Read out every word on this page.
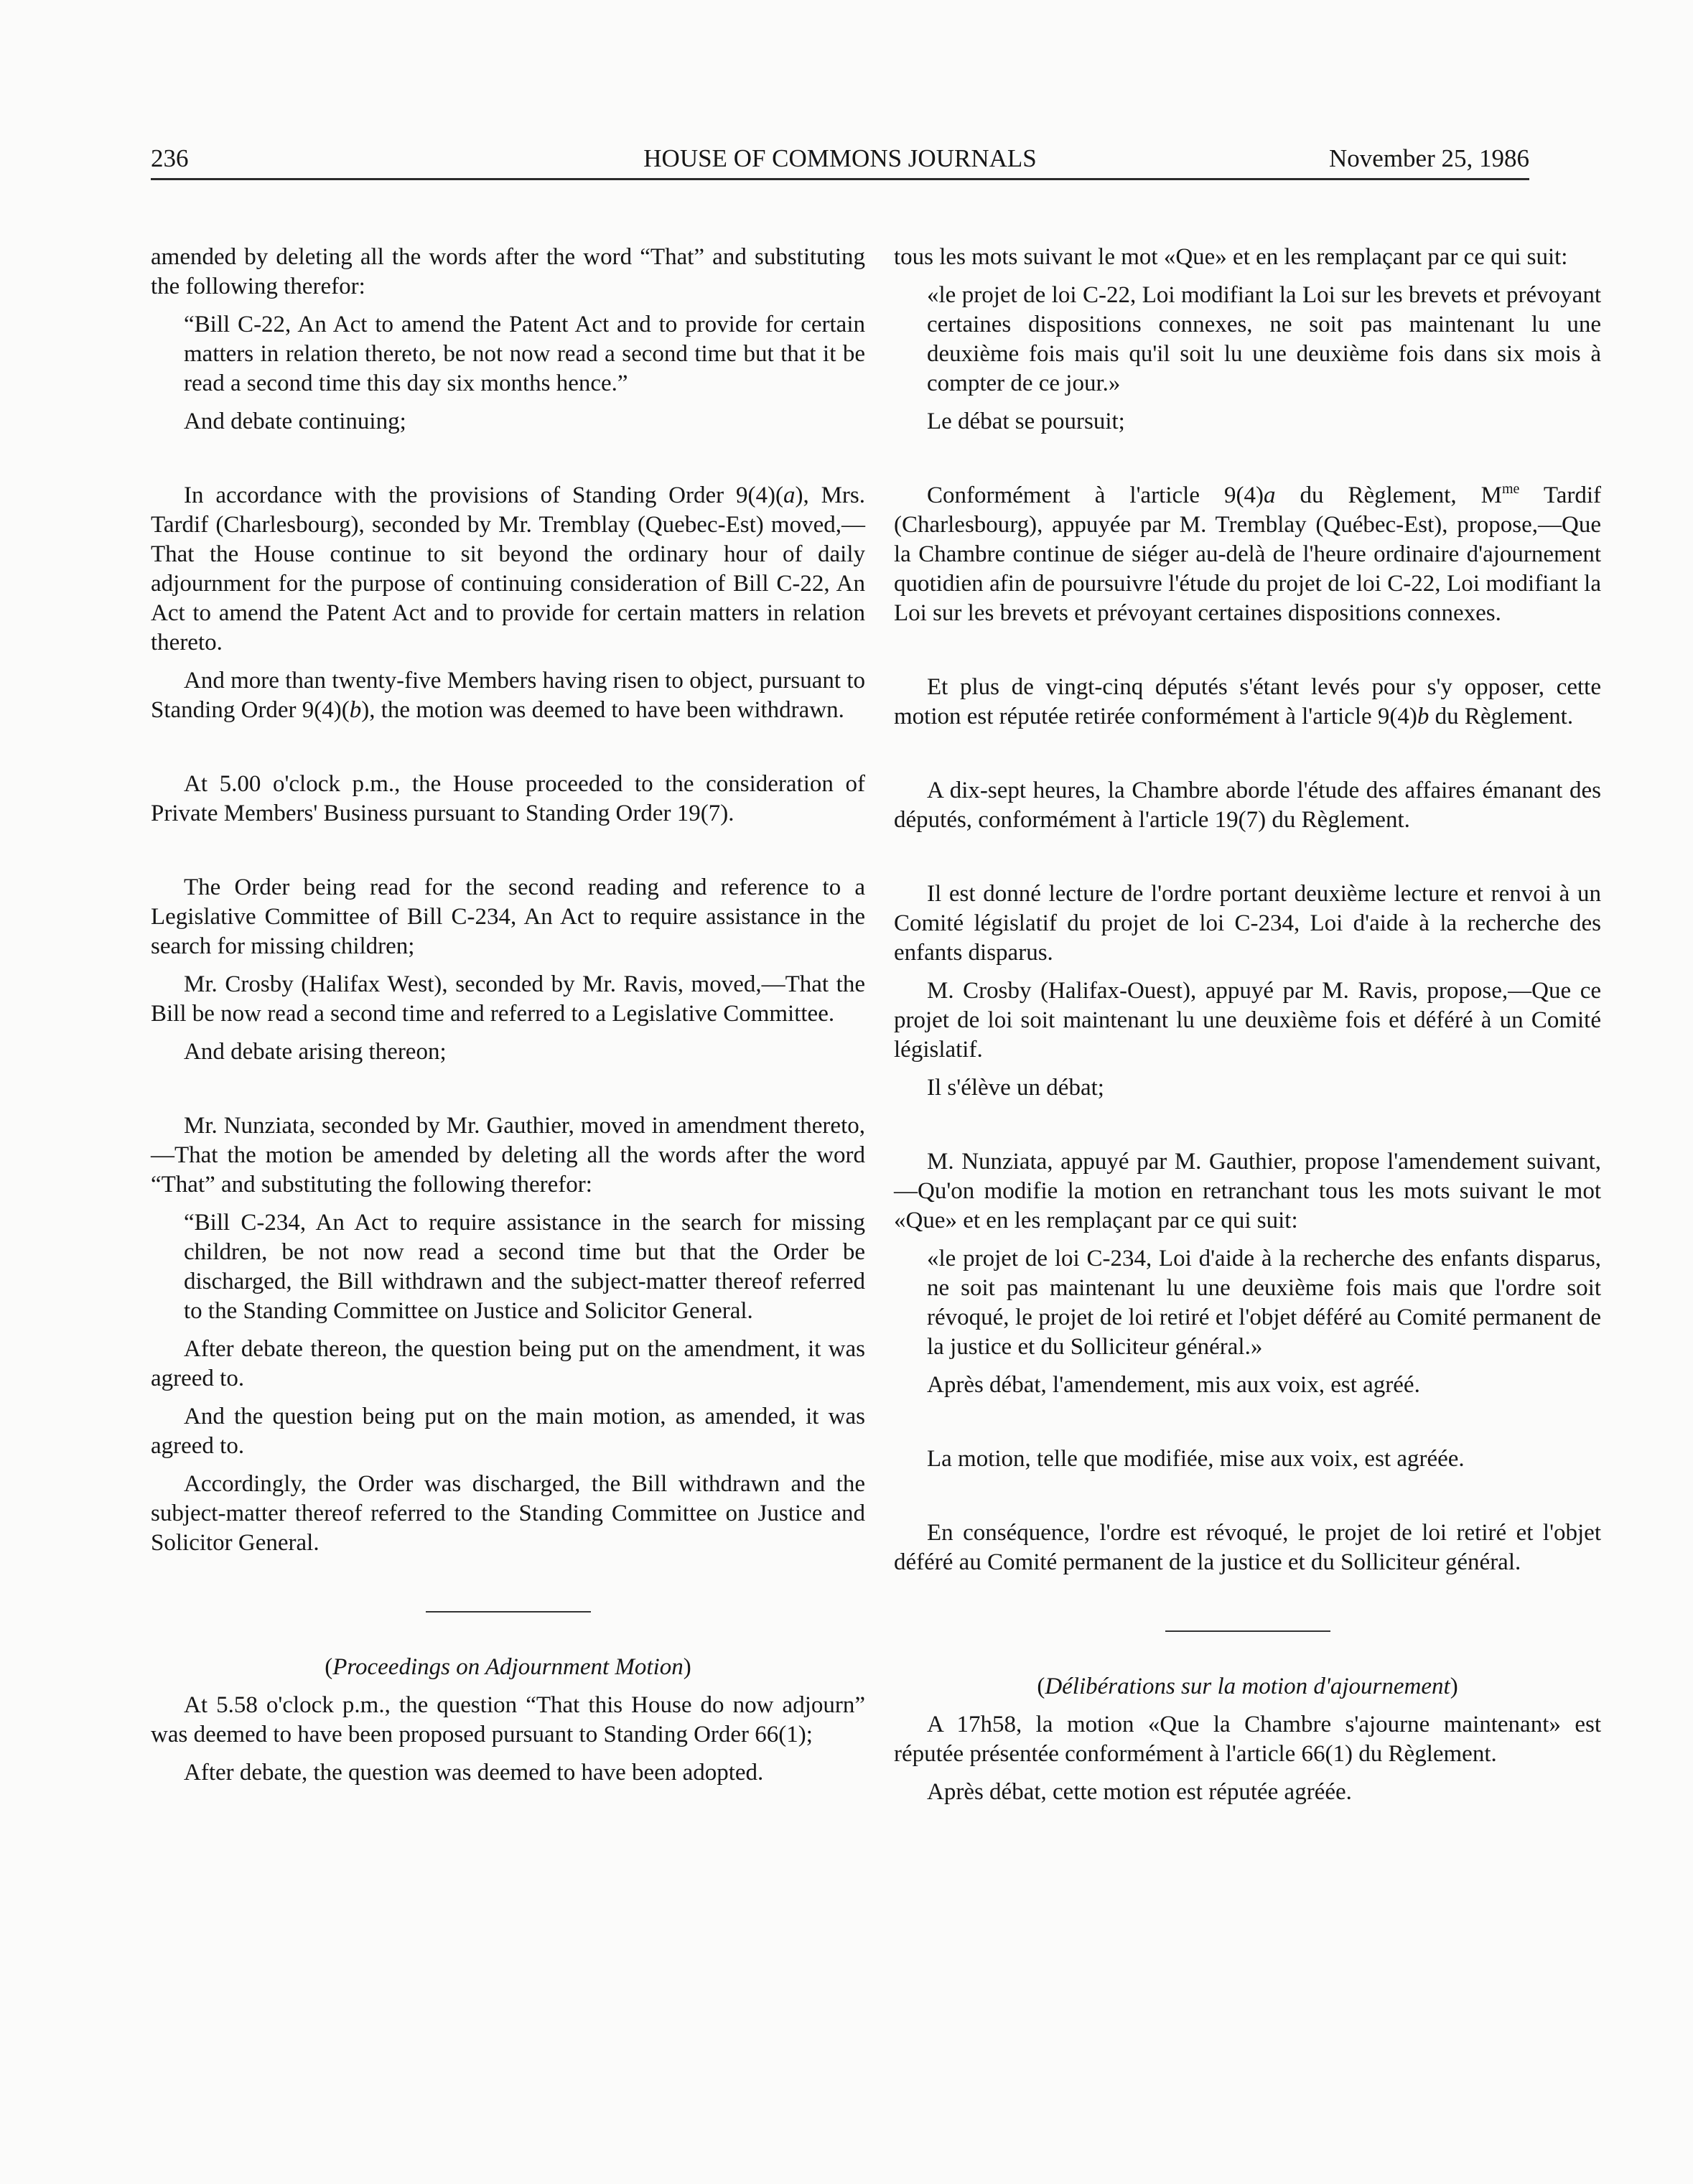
236	HOUSE OF COMMONS JOURNALS	November 25, 1986

amended by deleting all the words after the word “That” and substituting the following therefor:

“Bill C-22, An Act to amend the Patent Act and to provide for certain matters in relation thereto, be not now read a second time but that it be read a second time this day six months hence.”

And debate continuing;

In accordance with the provisions of Standing Order 9(4)(a), Mrs. Tardif (Charlesbourg), seconded by Mr. Tremblay (Quebec-Est) moved,—That the House continue to sit beyond the ordinary hour of daily adjournment for the purpose of continuing consideration of Bill C-22, An Act to amend the Patent Act and to provide for certain matters in relation thereto.

And more than twenty-five Members having risen to object, pursuant to Standing Order 9(4)(b), the motion was deemed to have been withdrawn.

At 5.00 o'clock p.m., the House proceeded to the consideration of Private Members' Business pursuant to Standing Order 19(7).

The Order being read for the second reading and reference to a Legislative Committee of Bill C-234, An Act to require assistance in the search for missing children;

Mr. Crosby (Halifax West), seconded by Mr. Ravis, moved,—That the Bill be now read a second time and referred to a Legislative Committee.

And debate arising thereon;

Mr. Nunziata, seconded by Mr. Gauthier, moved in amendment thereto,—That the motion be amended by deleting all the words after the word “That” and substituting the following therefor:

“Bill C-234, An Act to require assistance in the search for missing children, be not now read a second time but that the Order be discharged, the Bill withdrawn and the subject-matter thereof referred to the Standing Committee on Justice and Solicitor General.

After debate thereon, the question being put on the amendment, it was agreed to.

And the question being put on the main motion, as amended, it was agreed to.

Accordingly, the Order was discharged, the Bill withdrawn and the subject-matter thereof referred to the Standing Committee on Justice and Solicitor General.

(Proceedings on Adjournment Motion)

At 5.58 o'clock p.m., the question “That this House do now adjourn” was deemed to have been proposed pursuant to Standing Order 66(1);

After debate, the question was deemed to have been adopted.

tous les mots suivant le mot «Que» et en les remplaçant par ce qui suit:

«le projet de loi C-22, Loi modifiant la Loi sur les brevets et prévoyant certaines dispositions connexes, ne soit pas maintenant lu une deuxième fois mais qu'il soit lu une deuxième fois dans six mois à compter de ce jour.»

Le débat se poursuit;

Conformément à l'article 9(4)a du Règlement, $M^{me}$ Tardif (Charlesbourg), appuyée par M. Tremblay (Québec-Est), propose,—Que la Chambre continue de siéger au-delà de l'heure ordinaire d'ajournement quotidien afin de poursuivre l'étude du projet de loi C-22, Loi modifiant la Loi sur les brevets et prévoyant certaines dispositions connexes.

Et plus de vingt-cinq députés s'étant levés pour s'y opposer, cette motion est réputée retirée conformément à l'article 9(4)b du Règlement.

A dix-sept heures, la Chambre aborde l'étude des affaires émanant des députés, conformément à l'article 19(7) du Règlement.

Il est donné lecture de l'ordre portant deuxième lecture et renvoi à un Comité législatif du projet de loi C-234, Loi d'aide à la recherche des enfants disparus.

M. Crosby (Halifax-Ouest), appuyé par M. Ravis, propose,—Que ce projet de loi soit maintenant lu une deuxième fois et déféré à un Comité législatif.

Il s'élève un débat;

M. Nunziata, appuyé par M. Gauthier, propose l'amendement suivant,—Qu'on modifie la motion en retranchant tous les mots suivant le mot «Que» et en les remplaçant par ce qui suit:

«le projet de loi C-234, Loi d'aide à la recherche des enfants disparus, ne soit pas maintenant lu une deuxième fois mais que l'ordre soit révoqué, le projet de loi retiré et l'objet déféré au Comité permanent de la justice et du Solliciteur général.»

Après débat, l'amendement, mis aux voix, est agréé.

La motion, telle que modifiée, mise aux voix, est agréée.

En conséquence, l'ordre est révoqué, le projet de loi retiré et l'objet déféré au Comité permanent de la justice et du Solliciteur général.

(Délibérations sur la motion d'ajournement)

A 17h58, la motion «Que la Chambre s'ajourne maintenant» est réputée présentée conformément à l'article 66(1) du Règlement.

Après débat, cette motion est réputée agréée.
